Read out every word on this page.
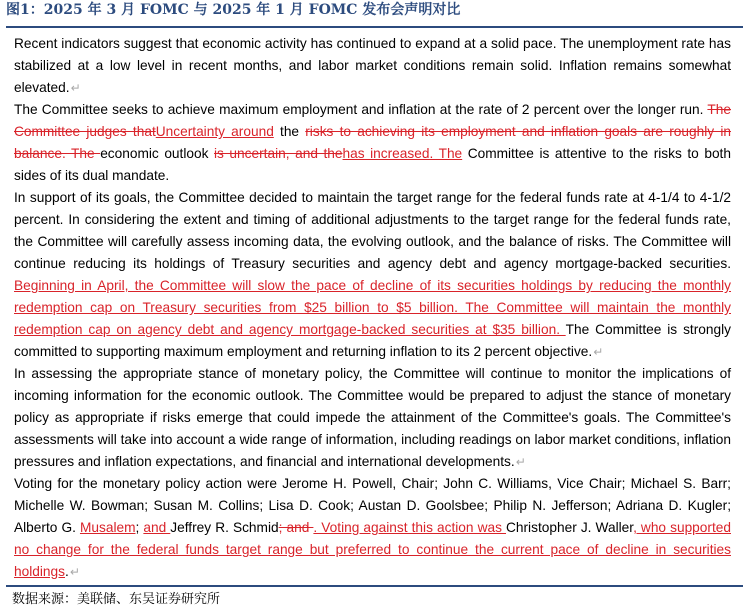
图1：2025 年 3 月 FOMC 与 2025 年 1 月 FOMC 发布会声明对比

Recent indicators suggest that economic activity has continued to expand at a solid pace. The unemployment rate has stabilized at a low level in recent months, and labor market conditions remain solid. Inflation remains somewhat elevated.↵

The Committee seeks to achieve maximum employment and inflation at the rate of 2 percent over the longer run. The Committee judges thatUncertainty around the risks to achieving its employment and inflation goals are roughly in balance. The economic outlook is uncertain, and thehas increased. The Committee is attentive to the risks to both sides of its dual mandate.

In support of its goals, the Committee decided to maintain the target range for the federal funds rate at 4-1/4 to 4-1/2 percent. In considering the extent and timing of additional adjustments to the target range for the federal funds rate, the Committee will carefully assess incoming data, the evolving outlook, and the balance of risks. The Committee will continue reducing its holdings of Treasury securities and agency debt and agency mortgage-backed securities. Beginning in April, the Committee will slow the pace of decline of its securities holdings by reducing the monthly redemption cap on Treasury securities from $25 billion to $5 billion. The Committee will maintain the monthly redemption cap on agency debt and agency mortgage-backed securities at $35 billion. The Committee is strongly committed to supporting maximum employment and returning inflation to its 2 percent objective.↵

In assessing the appropriate stance of monetary policy, the Committee will continue to monitor the implications of incoming information for the economic outlook. The Committee would be prepared to adjust the stance of monetary policy as appropriate if risks emerge that could impede the attainment of the Committee's goals. The Committee's assessments will take into account a wide range of information, including readings on labor market conditions, inflation pressures and inflation expectations, and financial and international developments.↵

Voting for the monetary policy action were Jerome H. Powell, Chair; John C. Williams, Vice Chair; Michael S. Barr; Michelle W. Bowman; Susan M. Collins; Lisa D. Cook; Austan D. Goolsbee; Philip N. Jefferson; Adriana D. Kugler; Alberto G. Musalem; and Jeffrey R. Schmid; and . Voting against this action was Christopher J. Waller, who supported no change for the federal funds target range but preferred to continue the current pace of decline in securities holdings.↵

数据来源：美联储、东吴证券研究所
